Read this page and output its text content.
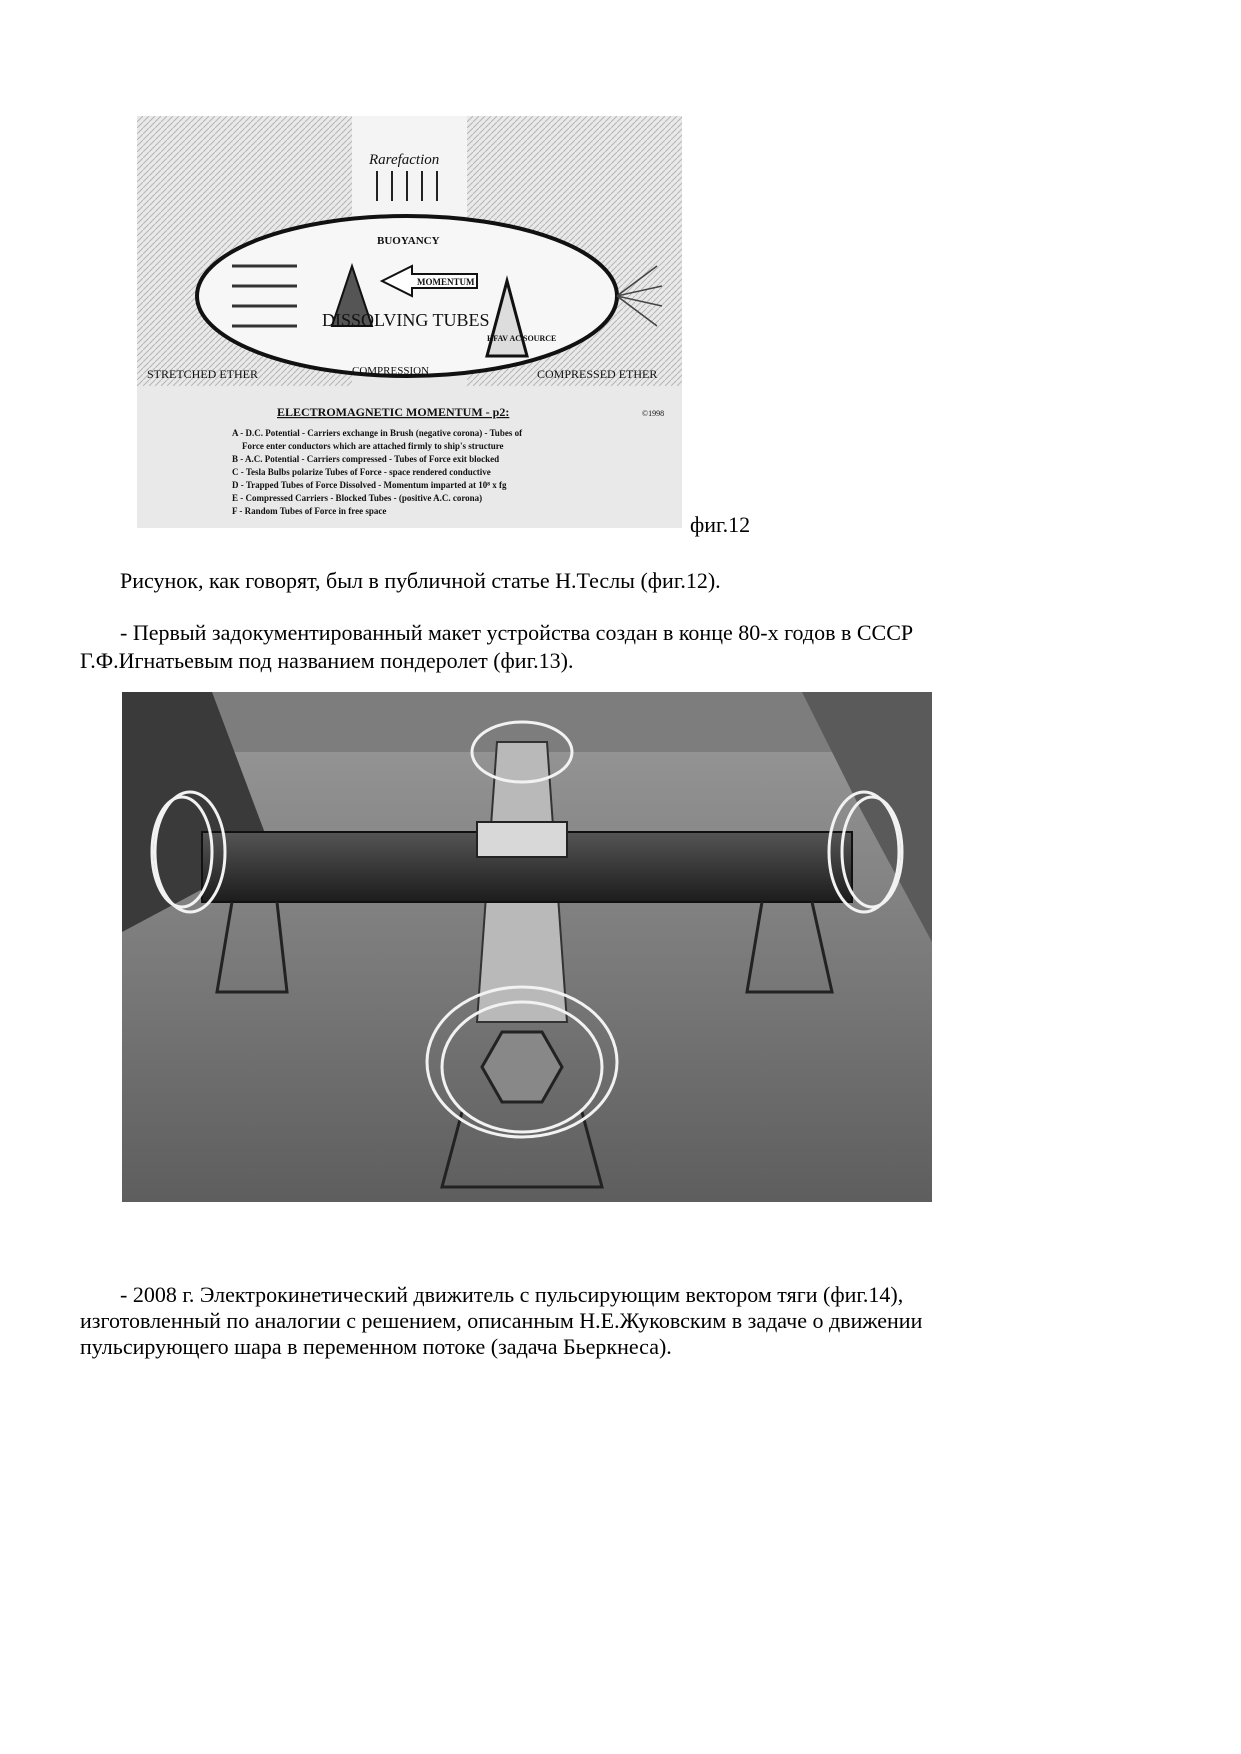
Rarefaction
BUOYANCY
MOMENTUM
DISSOLVING TUBES
HFAV AC SOURCE
COMPRESSION
STRETCHED ETHER	COMPRESSED ETHER
©1998
ELECTROMAGNETIC MOMENTUM - p2:
A - D.C. Potential - Carriers exchange in Brush (negative corona) - Tubes of
Force enter conductors which are attached firmly to ship's structure
B - A.C. Potential - Carriers compressed - Tubes of Force exit blocked
C - Tesla Bulbs polarize Tubes of Force - space rendered conductive
D - Trapped Tubes of Force Dissolved - Momentum imparted at 10⁸ x fg
E - Compressed Carriers - Blocked Tubes - (positive A.C. corona)
F - Random Tubes of Force in free space
фиг.12
Рисунок, как говорят, был в публичной статье Н.Теслы (фиг.12).
- Первый задокументированный макет устройства создан в конце 80-х годов в СССР
Г.Ф.Игнатьевым под названием пондеролет (фиг.13).
- 2008 г. Электрокинетический движитель с пульсирующим вектором тяги (фиг.14),
изготовленный по аналогии с решением, описанным Н.Е.Жуковским в задаче о движении
пульсирующего шара в переменном потоке (задача Бьеркнеса).
